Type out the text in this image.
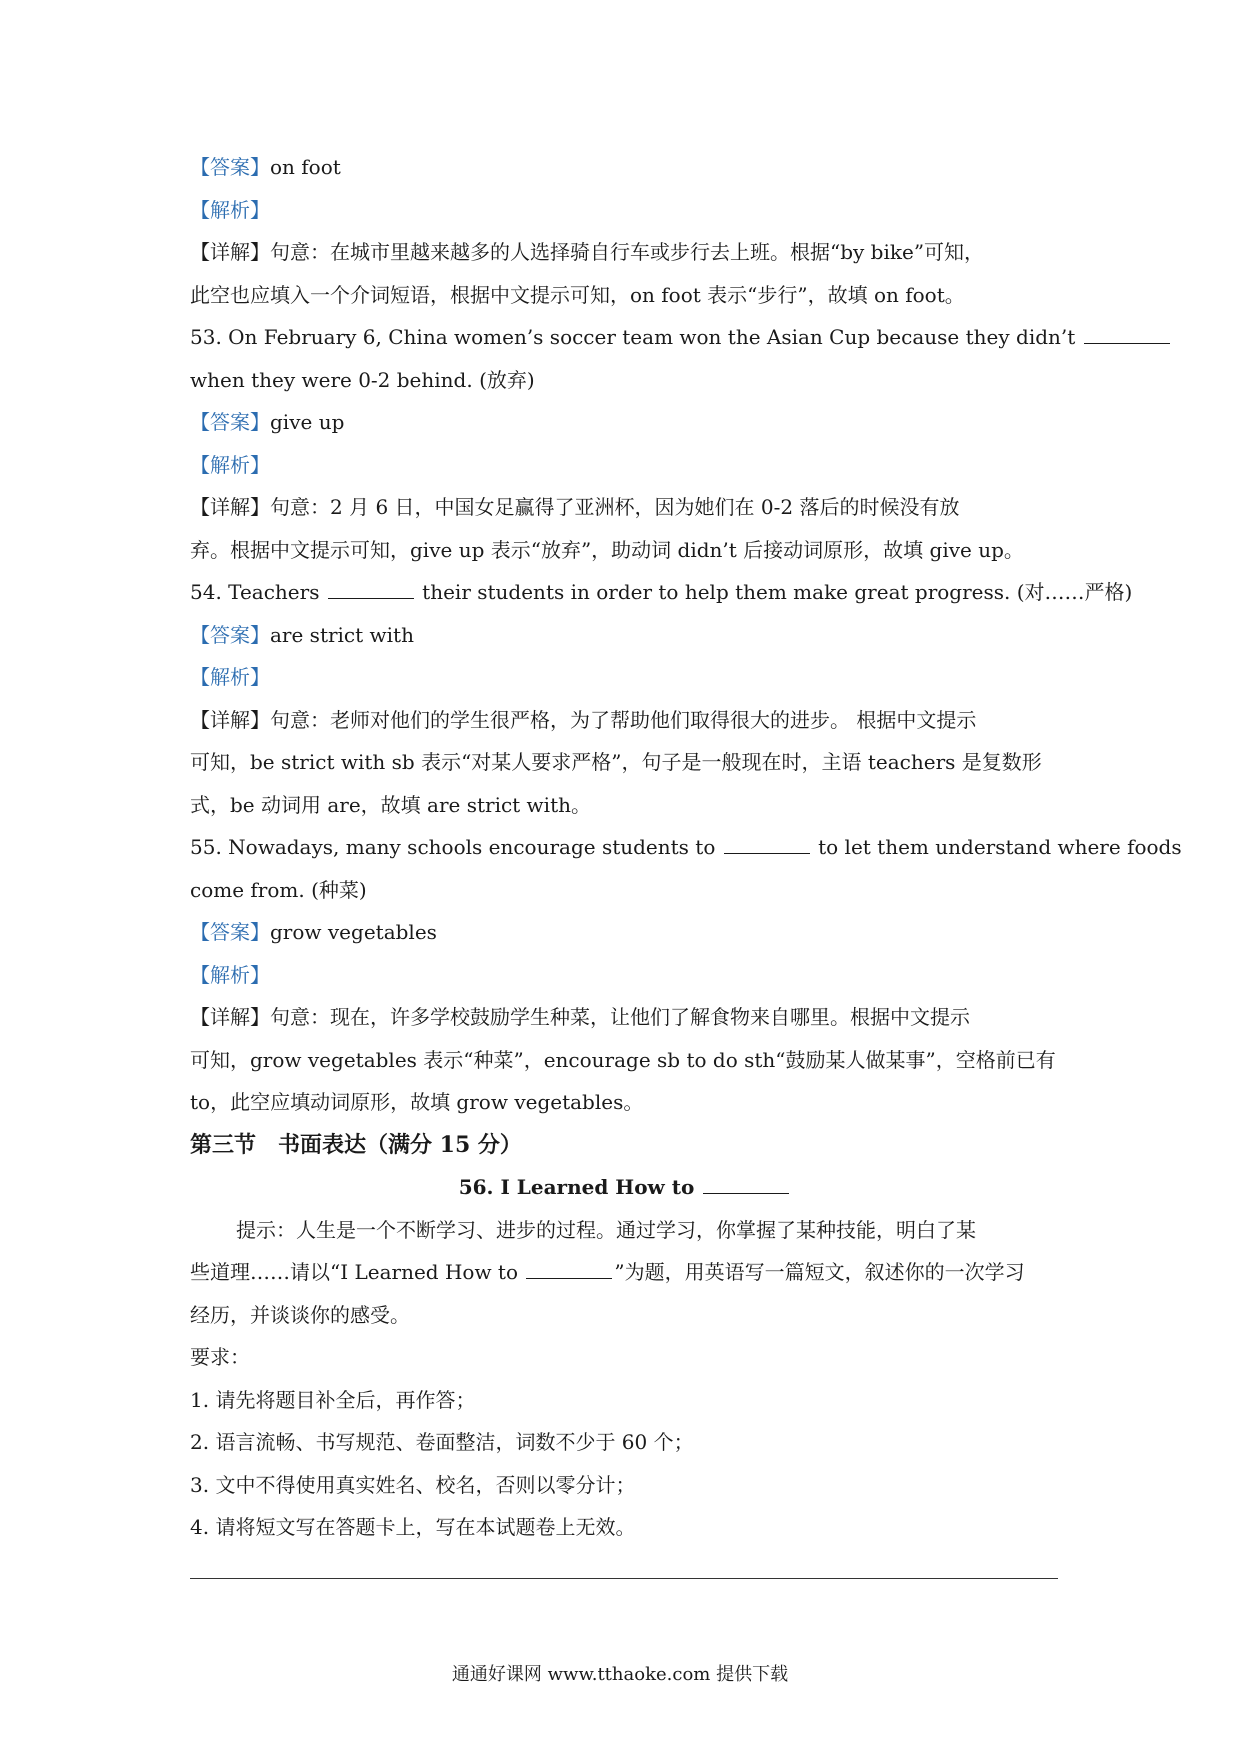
【答案】on foot
【解析】
【详解】句意：在城市里越来越多的人选择骑自行车或步行去上班。根据“by bike”可知，
此空也应填入一个介词短语，根据中文提示可知，on foot 表示“步行”，故填 on foot。
53. On February 6, China women’s soccer team won the Asian Cup because they didn’t
when they were 0-2 behind. (放弃)
【答案】give up
【解析】
【详解】句意：2 月 6 日，中国女足赢得了亚洲杯，因为她们在 0-2 落后的时候没有放
弃。根据中文提示可知，give up 表示“放弃”，助动词 didn’t 后接动词原形，故填 give up。
54. Teachers	their students in order to help them make great progress. (对……严格)
【答案】are strict with
【解析】
【详解】句意：老师对他们的学生很严格，为了帮助他们取得很大的进步。 根据中文提示
可知，be strict with sb 表示“对某人要求严格”，句子是一般现在时，主语 teachers 是复数形
式，be 动词用 are，故填 are strict with。
55. Nowadays, many schools encourage students to	to let them understand where foods
come from. (种菜)
【答案】grow vegetables
【解析】
【详解】句意：现在，许多学校鼓励学生种菜，让他们了解食物来自哪里。根据中文提示
可知，grow vegetables 表示“种菜”，encourage sb to do sth“鼓励某人做某事”，空格前已有
to，此空应填动词原形，故填 grow vegetables。
第三节　书面表达（满分 15 分）
56. I Learned How to
提示：人生是一个不断学习、进步的过程。通过学习，你掌握了某种技能，明白了某
些道理……请以“I Learned How to	”为题，用英语写一篇短文，叙述你的一次学习
经历，并谈谈你的感受。
要求：
1. 请先将题目补全后，再作答；
2. 语言流畅、书写规范、卷面整洁，词数不少于 60 个；
3. 文中不得使用真实姓名、校名，否则以零分计；
4. 请将短文写在答题卡上，写在本试题卷上无效。
通通好课网 www.tthaoke.com 提供下载
